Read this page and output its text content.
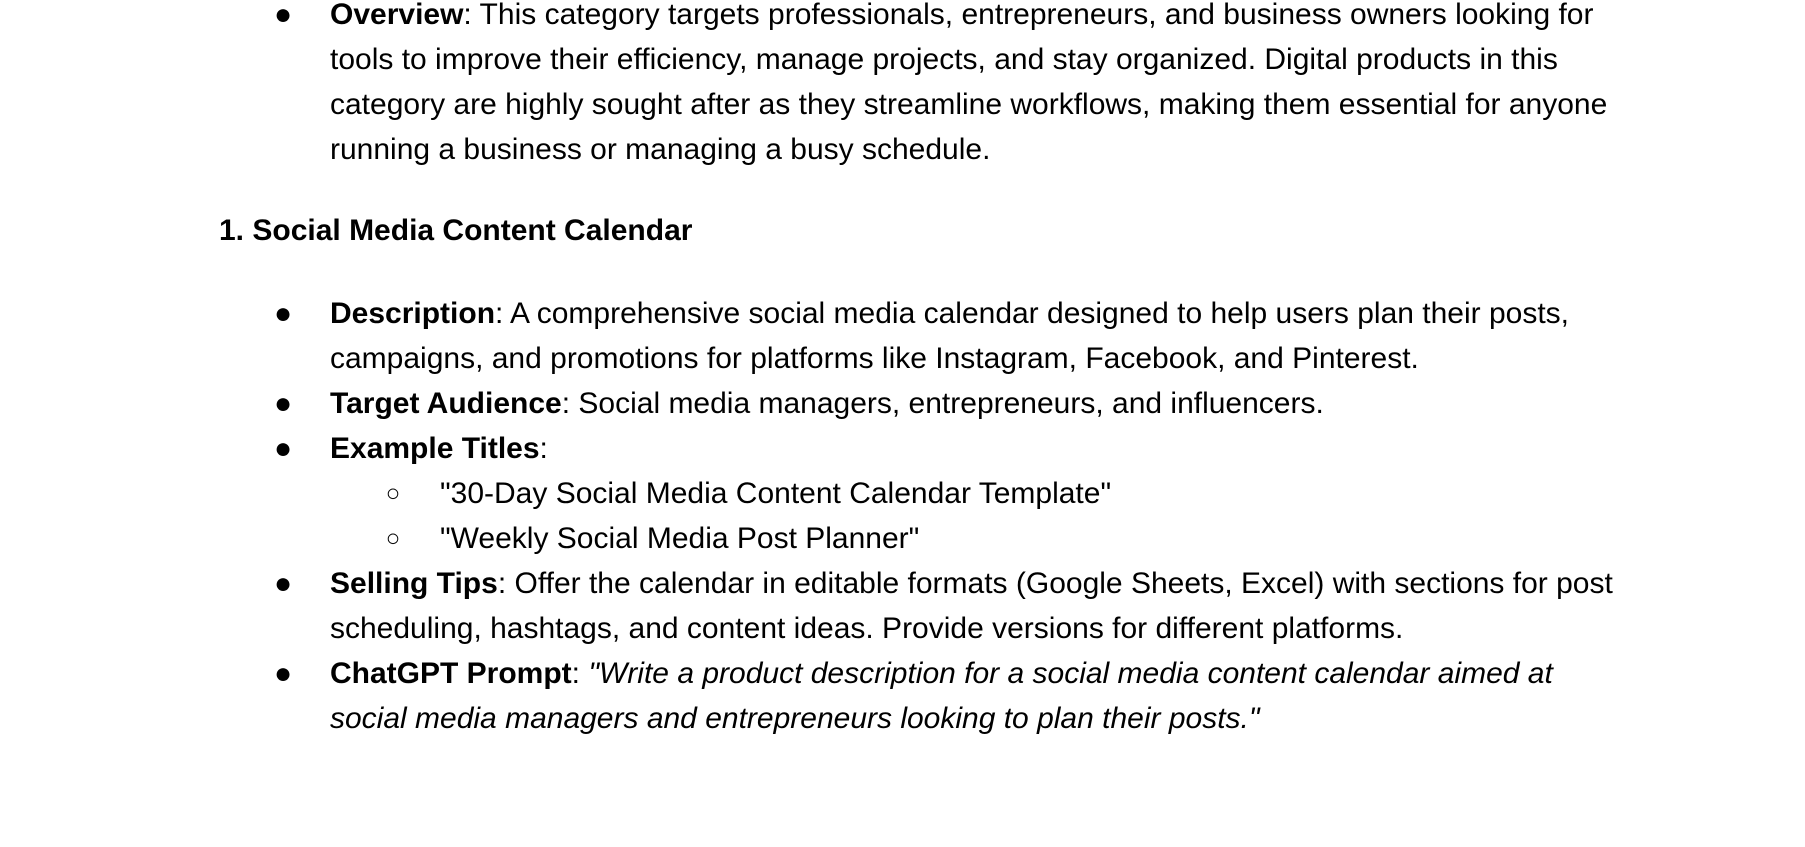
● Overview: This category targets professionals, entrepreneurs, and business owners looking for tools to improve their efficiency, manage projects, and stay organized. Digital products in this category are highly sought after as they streamline workflows, making them essential for anyone running a business or managing a busy schedule.
1. Social Media Content Calendar
● Description: A comprehensive social media calendar designed to help users plan their posts, campaigns, and promotions for platforms like Instagram, Facebook, and Pinterest.
● Target Audience: Social media managers, entrepreneurs, and influencers.
● Example Titles:
○ "30-Day Social Media Content Calendar Template"
○ "Weekly Social Media Post Planner"
● Selling Tips: Offer the calendar in editable formats (Google Sheets, Excel) with sections for post scheduling, hashtags, and content ideas. Provide versions for different platforms.
● ChatGPT Prompt: "Write a product description for a social media content calendar aimed at social media managers and entrepreneurs looking to plan their posts."
